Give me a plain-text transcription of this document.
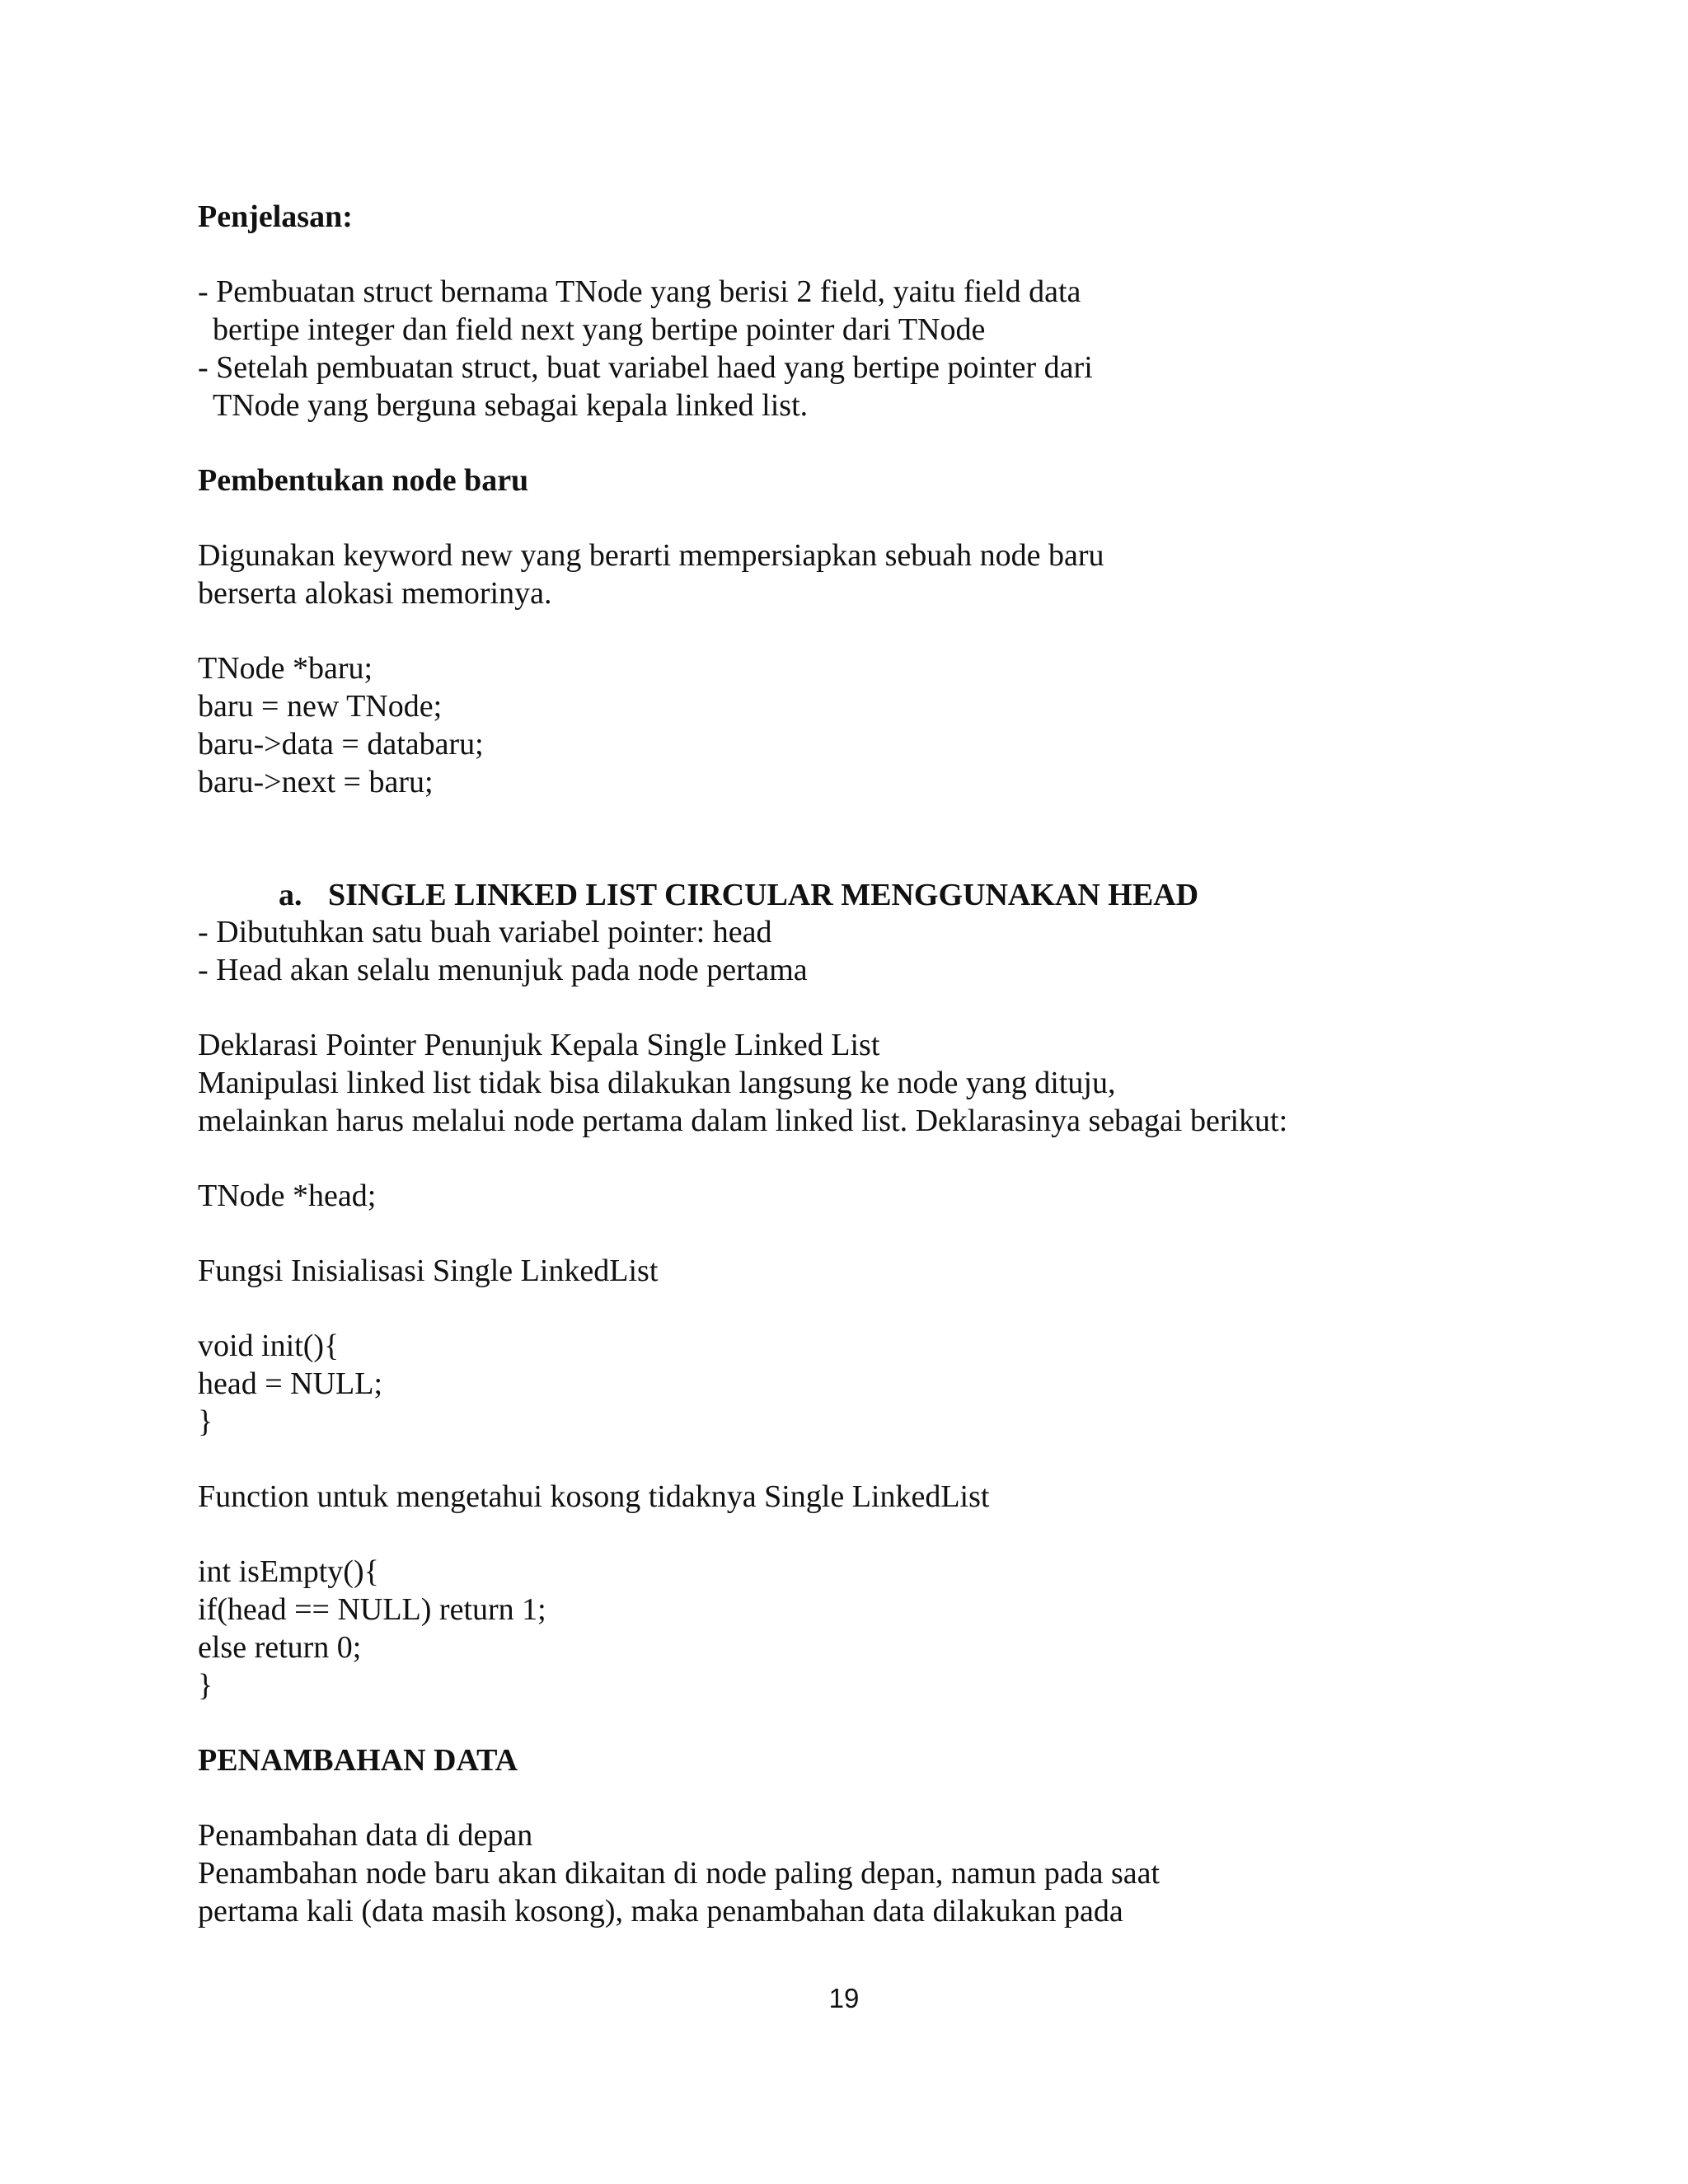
Penjelasan:
- Pembuatan struct bernama TNode yang berisi 2 field, yaitu field data
bertipe integer dan field next yang bertipe pointer dari TNode
- Setelah pembuatan struct, buat variabel haed yang bertipe pointer dari
TNode yang berguna sebagai kepala linked list.
Pembentukan node baru
Digunakan keyword new yang berarti mempersiapkan sebuah node baru
berserta alokasi memorinya.
TNode *baru;
baru = new TNode;
baru->data = databaru;
baru->next = baru;

a. SINGLE LINKED LIST CIRCULAR MENGGUNAKAN HEAD

- Dibutuhkan satu buah variabel pointer: head
- Head akan selalu menunjuk pada node pertama
Deklarasi Pointer Penunjuk Kepala Single Linked List
Manipulasi linked list tidak bisa dilakukan langsung ke node yang dituju,
melainkan harus melalui node pertama dalam linked list. Deklarasinya sebagai berikut:
TNode *head;
Fungsi Inisialisasi Single LinkedList
void init(){
head = NULL;
}
Function untuk mengetahui kosong tidaknya Single LinkedList
int isEmpty(){
if(head == NULL) return 1;
else return 0;
}
PENAMBAHAN DATA
Penambahan data di depan
Penambahan node baru akan dikaitan di node paling depan, namun pada saat
pertama kali (data masih kosong), maka penambahan data dilakukan pada
19
